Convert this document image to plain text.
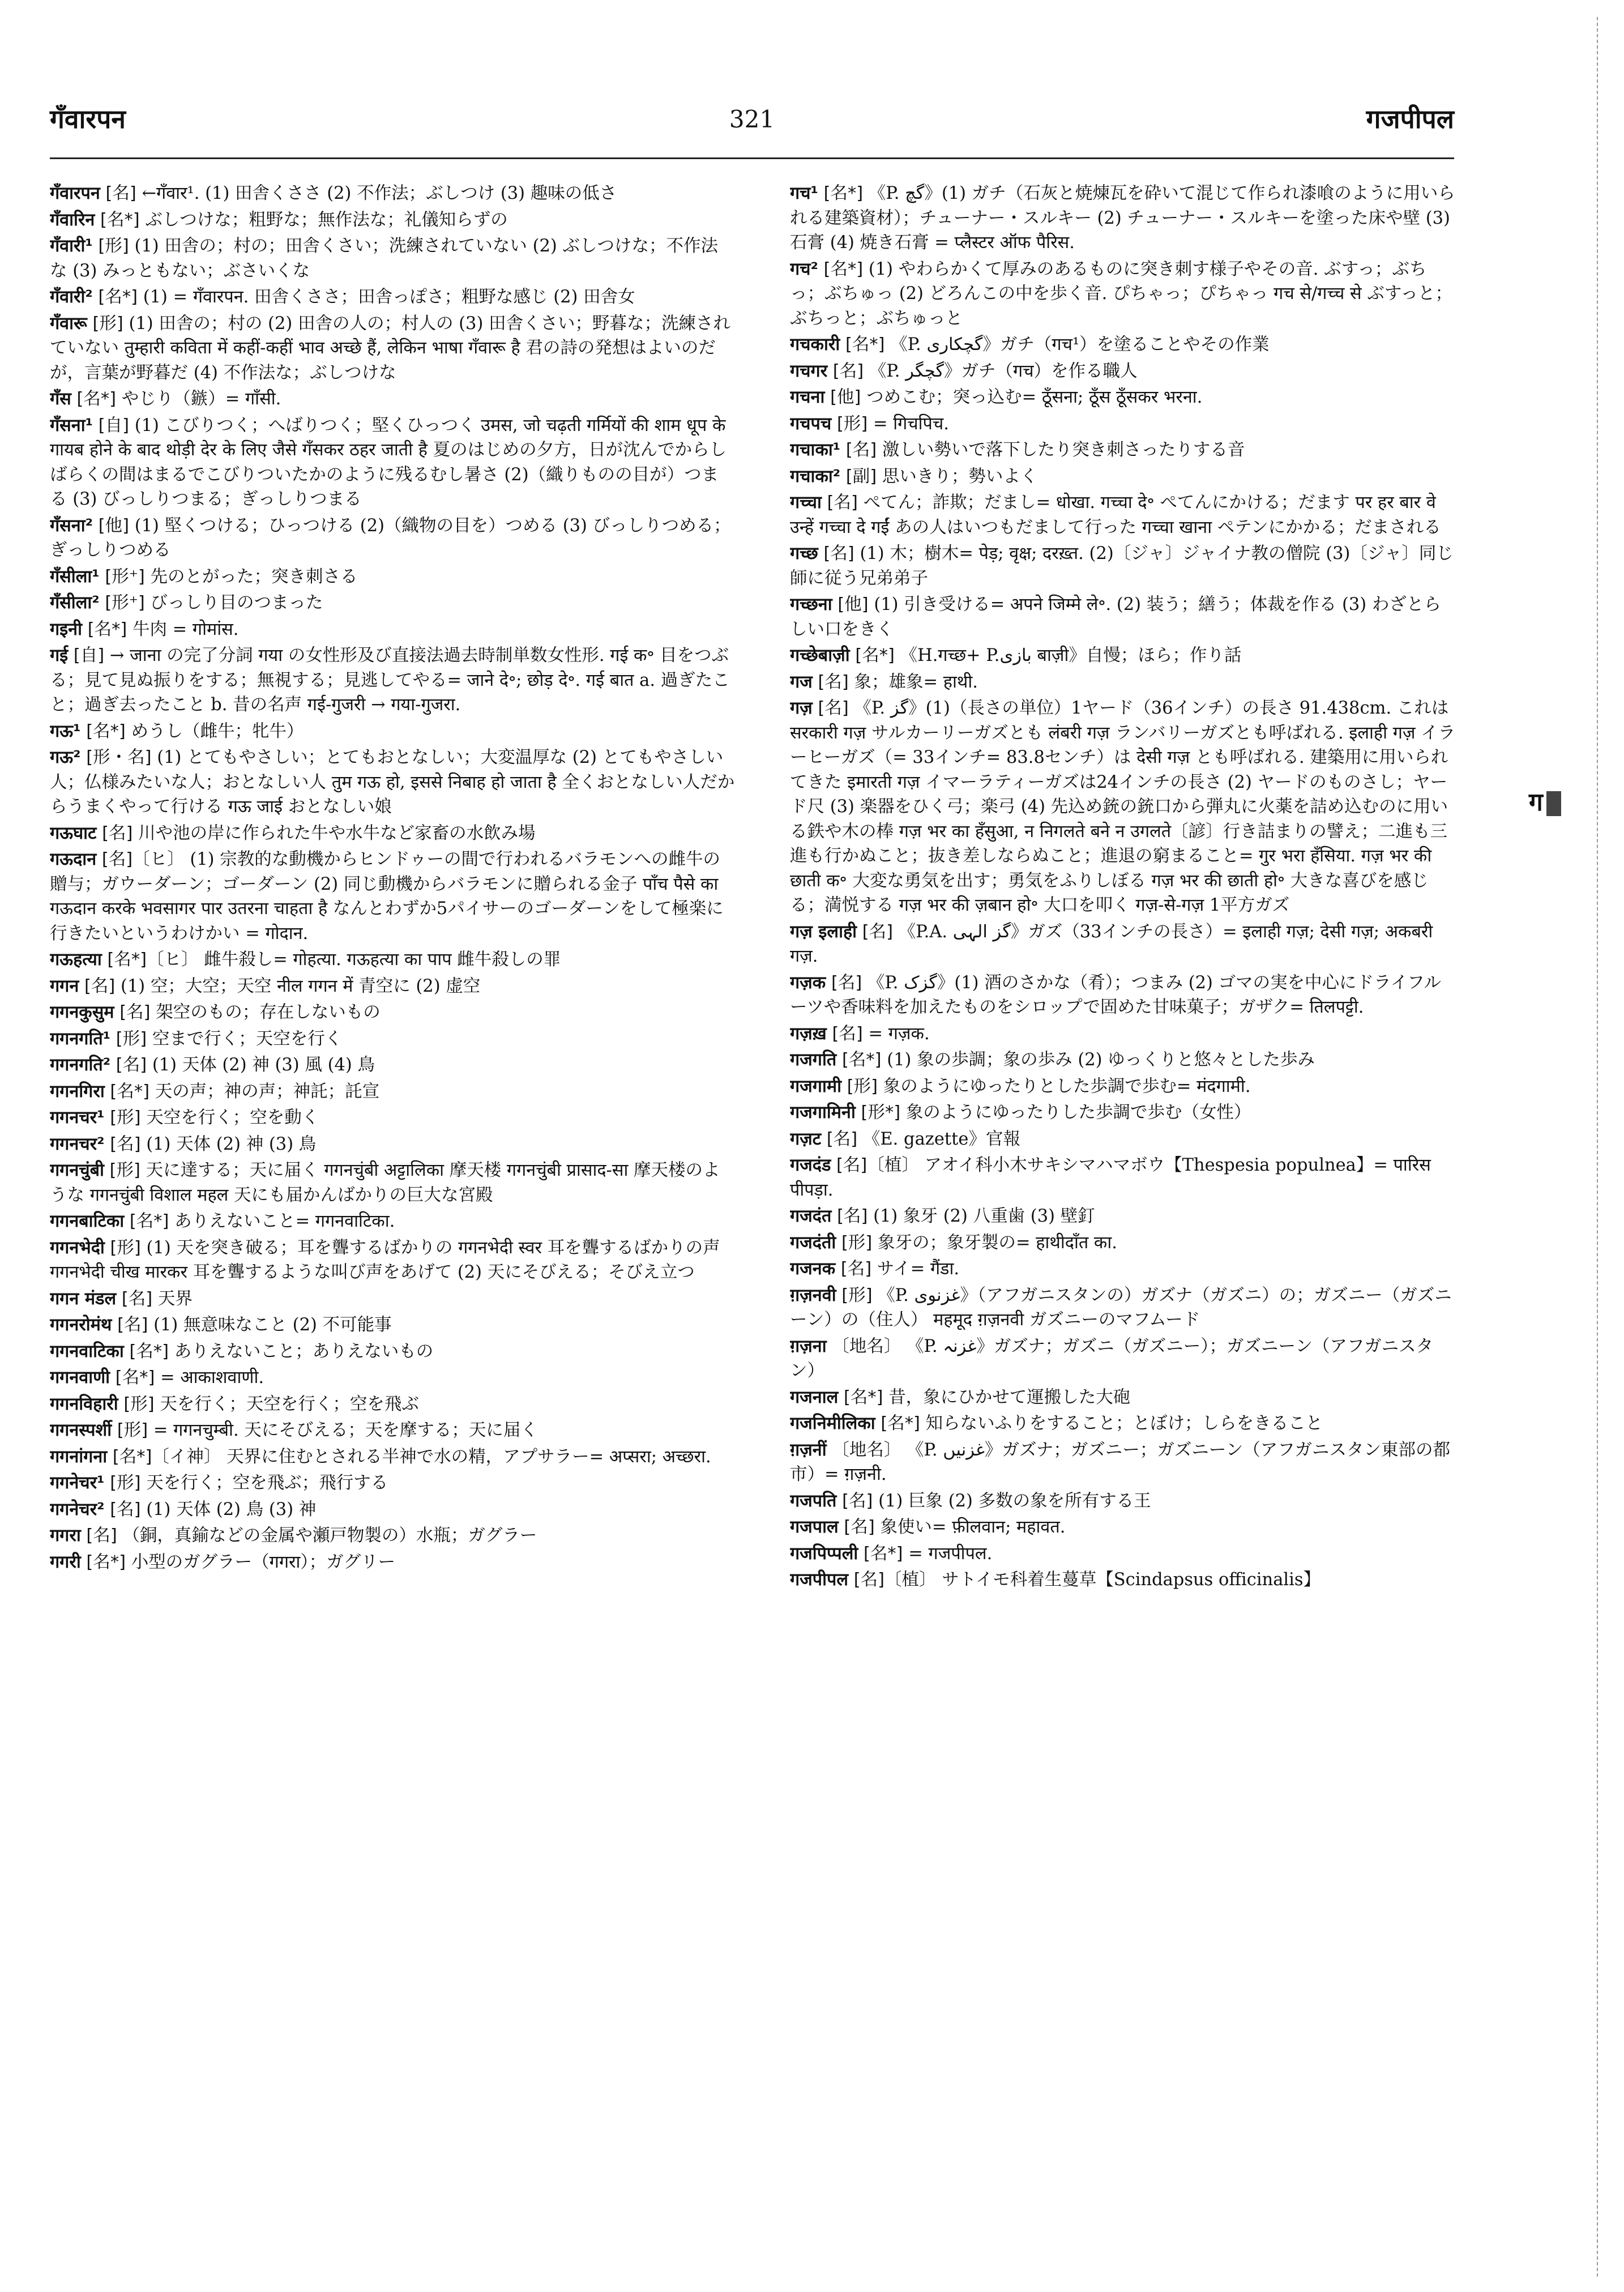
गँवारपन	321	गजपीपल
ग

गँवारपन [名] ←गँवार¹. (1) 田舎くささ (2) 不作法；ぶしつけ (3) 趣味の低さ

गँवारिन [名*] ぶしつけな；粗野な；無作法な；礼儀知らずの

गँवारी¹ [形] (1) 田舎の；村の；田舎くさい；洗練されていない (2) ぶしつけな；不作法な (3) みっともない；ぶさいくな

गँवारी² [名*] (1) = गँवारपन. 田舎くささ；田舎っぽさ；粗野な感じ (2) 田舎女

गँवारू [形] (1) 田舎の；村の (2) 田舎の人の；村人の (3) 田舎くさい；野暮な；洗練されていない तुम्हारी कविता में कहीं-कहीं भाव अच्छे हैं, लेकिन भाषा गँवारू है 君の詩の発想はよいのだが，言葉が野暮だ (4) 不作法な；ぶしつけな

गँस [名*] やじり（鏃）= गाँसी.

गँसना¹ [自] (1) こびりつく；へばりつく；堅くひっつく उमस, जो चढ़ती गर्मियों की शाम धूप के गायब होने के बाद थोड़ी देर के लिए जैसे गँसकर ठहर जाती है 夏のはじめの夕方，日が沈んでからしばらくの間はまるでこびりついたかのように残るむし暑さ (2)（織りものの目が）つまる (3) びっしりつまる；ぎっしりつまる

गँसना² [他] (1) 堅くつける；ひっつける (2)（織物の目を）つめる (3) びっしりつめる；ぎっしりつめる

गँसीला¹ [形⁺] 先のとがった；突き刺さる

गँसीला² [形⁺] びっしり目のつまった

गइनी [名*] 牛肉 = गोमांस.

गई [自] → जाना の完了分詞 गया の女性形及び直接法過去時制単数女性形. गई क॰ 目をつぶる；見て見ぬ振りをする；無視する；見逃してやる= जाने दे॰; छोड़ दे॰. गई बात a. 過ぎたこと；過ぎ去ったこと b. 昔の名声 गई-गुजरी → गया-गुजरा.

गऊ¹ [名*] めうし（雌牛；牝牛）

गऊ² [形・名] (1) とてもやさしい；とてもおとなしい；大変温厚な (2) とてもやさしい人；仏様みたいな人；おとなしい人 तुम गऊ हो, इससे निबाह हो जाता है 全くおとなしい人だからうまくやって行ける गऊ जाई おとなしい娘

गऊघाट [名] 川や池の岸に作られた牛や水牛など家畜の水飲み場

गऊदान [名]〔ヒ〕 (1) 宗教的な動機からヒンドゥーの間で行われるバラモンへの雌牛の贈与；ガウーダーン；ゴーダーン (2) 同じ動機からバラモンに贈られる金子 पाँच पैसे का गऊदान करके भवसागर पार उतरना चाहता है なんとわずか5パイサーのゴーダーンをして極楽に行きたいというわけかい = गोदान.

गऊहत्या [名*]〔ヒ〕 雌牛殺し= गोहत्या. गऊहत्या का पाप 雌牛殺しの罪

गगन [名] (1) 空；大空；天空 नील गगन में 青空に (2) 虚空

गगनकुसुम [名] 架空のもの；存在しないもの

गगनगति¹ [形] 空まで行く；天空を行く

गगनगति² [名] (1) 天体 (2) 神 (3) 風 (4) 鳥

गगनगिरा [名*] 天の声；神の声；神託；託宣

गगनचर¹ [形] 天空を行く；空を動く

गगनचर² [名] (1) 天体 (2) 神 (3) 鳥

गगनचुंबी [形] 天に達する；天に届く गगनचुंबी अट्टालिका 摩天楼 गगनचुंबी प्रासाद-सा 摩天楼のような गगनचुंबी विशाल महल 天にも届かんばかりの巨大な宮殿

गगनबाटिका [名*] ありえないこと= गगनवाटिका.

गगनभेदी [形] (1) 天を突き破る；耳を聾するばかりの गगनभेदी स्वर 耳を聾するばかりの声 गगनभेदी चीख मारकर 耳を聾するような叫び声をあげて (2) 天にそびえる；そびえ立つ

गगन मंडल [名] 天界

गगनरोमंथ [名] (1) 無意味なこと (2) 不可能事

गगनवाटिका [名*] ありえないこと；ありえないもの

गगनवाणी [名*] = आकाशवाणी.

गगनविहारी [形] 天を行く；天空を行く；空を飛ぶ

गगनस्पर्शी [形] = गगनचुम्बी. 天にそびえる；天を摩する；天に届く

गगनांगना [名*]〔イ神〕 天界に住むとされる半神で水の精，アプサラー= अप्सरा; अच्छरा.

गगनेचर¹ [形] 天を行く；空を飛ぶ；飛行する

गगनेचर² [名] (1) 天体 (2) 鳥 (3) 神

गगरा [名] （銅，真鍮などの金属や瀬戸物製の）水瓶；ガグラー

गगरी [名*] 小型のガグラー（गगरा）；ガグリー

गच¹ [名*] 《P. گچ》(1) ガチ（石灰と焼煉瓦を砕いて混じて作られ漆喰のように用いられる建築資材）；チューナー・スルキー (2) チューナー・スルキーを塗った床や壁 (3) 石膏 (4) 焼き石膏 = प्लैस्टर ऑफ पैरिस.

गच² [名*] (1) やわらかくて厚みのあるものに突き刺す様子やその音. ぶすっ；ぶちっ；ぶちゅっ (2) どろんこの中を歩く音. ぴちゃっ；ぴちゃっ गच से/गच्च से ぶすっと；ぶちっと；ぶちゅっと

गचकारी [名*] 《P. گچکاری》ガチ（गच¹）を塗ることやその作業

गचगर [名] 《P. گچگر》ガチ（गच）を作る職人

गचना [他] つめこむ；突っ込む= ठूँसना; ठूँस ठूँसकर भरना.

गचपच [形] = गिचपिच.

गचाका¹ [名] 激しい勢いで落下したり突き刺さったりする音

गचाका² [副] 思いきり；勢いよく

गच्चा [名] ぺてん；詐欺；だまし= धोखा. गच्चा दे॰ ぺてんにかける；だます पर हर बार वे उन्हें गच्चा दे गईं あの人はいつもだまして行った गच्चा खाना ペテンにかかる；だまされる

गच्छ [名] (1) 木；樹木= पेड़; वृक्ष; दरख़्त. (2)〔ジャ〕ジャイナ教の僧院 (3)〔ジャ〕同じ師に従う兄弟弟子

गच्छना [他] (1) 引き受ける= अपने जिम्मे ले॰. (2) 装う；繕う；体裁を作る (3) わざとらしい口をきく

गच्छेबाज़ी [名*] 《H.गच्छ+ P.بازی बाज़ी》自慢；ほら；作り話

गज [名] 象；雄象= हाथी.

गज़ [名] 《P. گز》(1)（長さの単位）1ヤード（36インチ）の長さ 91.438cm. これは सरकारी गज़ サルカーリーガズとも लंबरी गज़ ランバリーガズとも呼ばれる. इलाही गज़ イラーヒーガズ（= 33インチ= 83.8センチ）は देसी गज़ とも呼ばれる. 建築用に用いられてきた इमारती गज़ イマーラティーガズは24インチの長さ (2) ヤードのものさし；ヤード尺 (3) 楽器をひく弓；楽弓 (4) 先込め銃の銃口から弾丸に火薬を詰め込むのに用いる鉄や木の棒 गज़ भर का हँसुआ, न निगलते बने न उगलते〔諺〕行き詰まりの譬え；二進も三進も行かぬこと；抜き差しならぬこと；進退の窮まること= गुर भरा हँसिया. गज़ भर की छाती क॰ 大変な勇気を出す；勇気をふりしぼる गज़ भर की छाती हो॰ 大きな喜びを感じる；満悦する गज़ भर की ज़बान हो॰ 大口を叩く गज़-से-गज़ 1平方ガズ

गज़ इलाही [名] 《P.A. گز الہی》ガズ（33インチの長さ）= इलाही गज़; देसी गज़; अकबरी गज़.

गज़क [名] 《P. گزک》(1) 酒のさかな（肴）；つまみ (2) ゴマの実を中心にドライフルーツや香味料を加えたものをシロップで固めた甘味菓子；ガザク= तिलपट्टी.

गज़ख़ [名] = गज़क.

गजगति [名*] (1) 象の歩調；象の歩み (2) ゆっくりと悠々とした歩み

गजगामी [形] 象のようにゆったりとした歩調で歩む= मंदगामी.

गजगामिनी [形*] 象のようにゆったりした歩調で歩む（女性）

गज़ट [名] 《E. gazette》官報

गजदंड [名]〔植〕 アオイ科小木サキシマハマボウ【Thespesia populnea】= पारिस पीपड़ा.

गजदंत [名] (1) 象牙 (2) 八重歯 (3) 壁釘

गजदंती [形] 象牙の；象牙製の= हाथीदाँत का.

गजनक [名] サイ= गैंडा.

ग़ज़नवी [形] 《P. غزنوی》（アフガニスタンの）ガズナ（ガズニ）の；ガズニー（ガズニーン）の（住人） महमूद ग़ज़नवी ガズニーのマフムード

ग़ज़ना 〔地名〕 《P. غزنہ》ガズナ；ガズニ（ガズニー）；ガズニーン（アフガニスタン）

गजनाल [名*] 昔，象にひかせて運搬した大砲

गजनिमीलिका [名*] 知らないふりをすること；とぼけ；しらをきること

ग़ज़नीं 〔地名〕 《P. غزنیں》ガズナ；ガズニー；ガズニーン（アフガニスタン東部の都市）= ग़ज़नी.

गजपति [名] (1) 巨象 (2) 多数の象を所有する王

गजपाल [名] 象使い= फ़ीलवान; महावत.

गजपिप्पली [名*] = गजपीपल.

गजपीपल [名]〔植〕 サトイモ科着生蔓草【Scindapsus officinalis】
